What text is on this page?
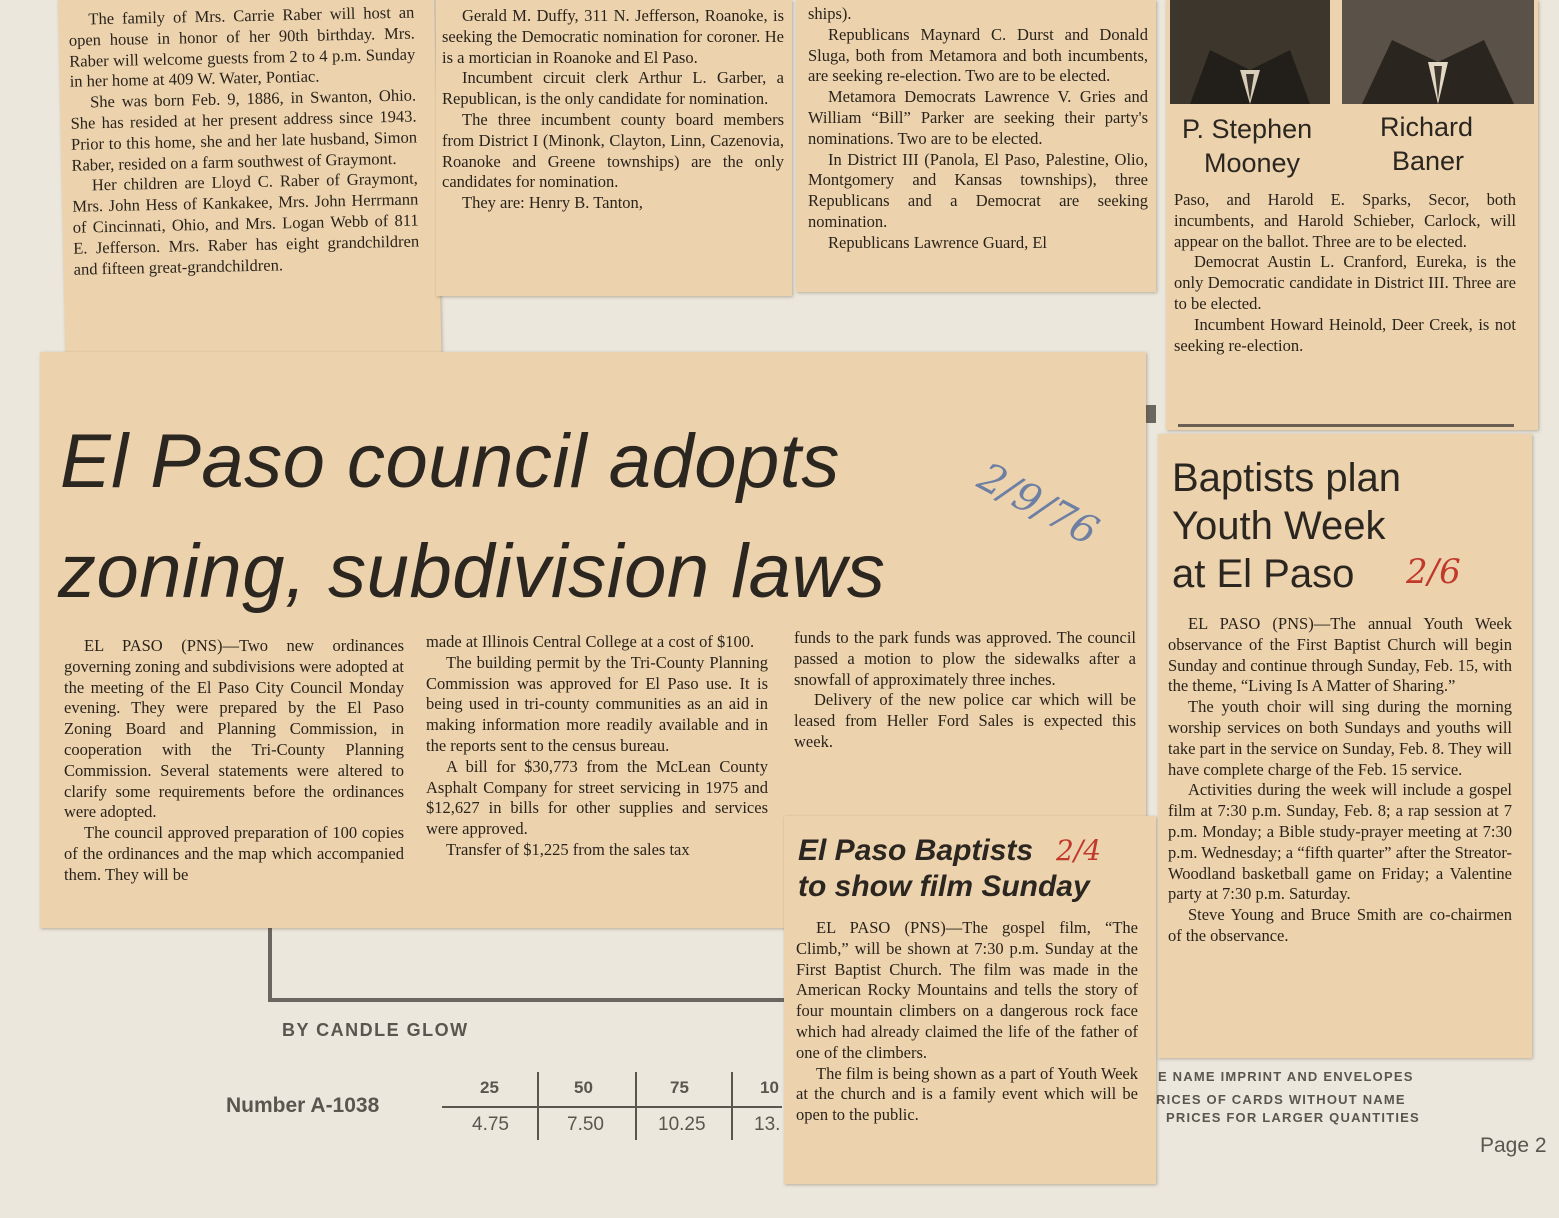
BY CANDLE GLOW

Number A-1038

25	50	75	10
4.75	7.50	10.25	13.

E NAME IMPRINT AND ENVELOPES

RICES OF CARDS WITHOUT NAME

PRICES FOR LARGER QUANTITIES

Page 2

The family of Mrs. Carrie Raber will host an open house in honor of her 90th birthday. Mrs. Raber will welcome guests from 2 to 4 p.m. Sunday in her home at 409 W. Water, Pontiac.

She was born Feb. 9, 1886, in Swanton, Ohio. She has resided at her present address since 1943. Prior to this home, she and her late husband, Simon Raber, resided on a farm southwest of Graymont.

Her children are Lloyd C. Raber of Graymont, Mrs. John Hess of Kankakee, Mrs. John Herrmann of Cincinnati, Ohio, and Mrs. Logan Webb of 811 E. Jefferson. Mrs. Raber has eight grandchildren and fifteen great-grandchildren.

Gerald M. Duffy, 311 N. Jefferson, Roanoke, is seeking the Democratic nomination for coroner. He is a mortician in Roanoke and El Paso.

Incumbent circuit clerk Arthur L. Garber, a Republican, is the only candidate for nomination.

The three incumbent county board members from District I (Minonk, Clayton, Linn, Cazenovia, Roanoke and Greene townships) are the only candidates for nomination.

They are: Henry B. Tanton,

ships).

Republicans Maynard C. Durst and Donald Sluga, both from Metamora and both incumbents, are seeking re-election. Two are to be elected.

Metamora Democrats Lawrence V. Gries and William “Bill” Parker are seeking their party's nominations. Two are to be elected.

In District III (Panola, El Paso, Palestine, Olio, Montgomery and Kansas townships), three Republicans and a Democrat are seeking nomination.

Republicans Lawrence Guard, El

P. Stephen

Mooney

Richard

Baner

Paso, and Harold E. Sparks, Secor, both incumbents, and Harold Schieber, Carlock, will appear on the ballot. Three are to be elected.

Democrat Austin L. Cranford, Eureka, is the only Democratic candidate in District III. Three are to be elected.

Incumbent Howard Heinold, Deer Creek, is not seeking re-election.

El Paso council adopts

zoning, subdivision laws

2/9/76

EL PASO (PNS)—Two new ordinances governing zoning and subdivisions were adopted at the meeting of the El Paso City Council Monday evening. They were prepared by the El Paso Zoning Board and Planning Commission, in cooperation with the Tri-County Planning Commission. Several statements were altered to clarify some requirements before the ordinances were adopted.

The council approved preparation of 100 copies of the ordinances and the map which accompanied them. They will be

made at Illinois Central College at a cost of $100.

The building permit by the Tri-County Planning Commission was approved for El Paso use. It is being used in tri-county communities as an aid in making information more readily available and in the reports sent to the census bureau.

A bill for $30,773 from the McLean County Asphalt Company for street servicing in 1975 and $12,627 in bills for other supplies and services were approved.

Transfer of $1,225 from the sales tax

funds to the park funds was approved. The council passed a motion to plow the sidewalks after a snowfall of approximately three inches.

Delivery of the new police car which will be leased from Heller Ford Sales is expected this week.

El Paso Baptists

to show film Sunday

2/4

EL PASO (PNS)—The gospel film, “The Climb,” will be shown at 7:30 p.m. Sunday at the First Baptist Church. The film was made in the American Rocky Mountains and tells the story of four mountain climbers on a dangerous rock face which had already claimed the life of the father of one of the climbers.

The film is being shown as a part of Youth Week at the church and is a family event which will be open to the public.

Baptists plan

Youth Week

at El Paso 2/6

EL PASO (PNS)—The annual Youth Week observance of the First Baptist Church will begin Sunday and continue through Sunday, Feb. 15, with the theme, “Living Is A Matter of Sharing.”

The youth choir will sing during the morning worship services on both Sundays and youths will take part in the service on Sunday, Feb. 8. They will have complete charge of the Feb. 15 service.

Activities during the week will include a gospel film at 7:30 p.m. Sunday, Feb. 8; a rap session at 7 p.m. Monday; a Bible study-prayer meeting at 7:30 p.m. Wednesday; a “fifth quarter” after the Streator-Woodland basketball game on Friday; a Valentine party at 7:30 p.m. Saturday.

Steve Young and Bruce Smith are co-chairmen of the observance.
